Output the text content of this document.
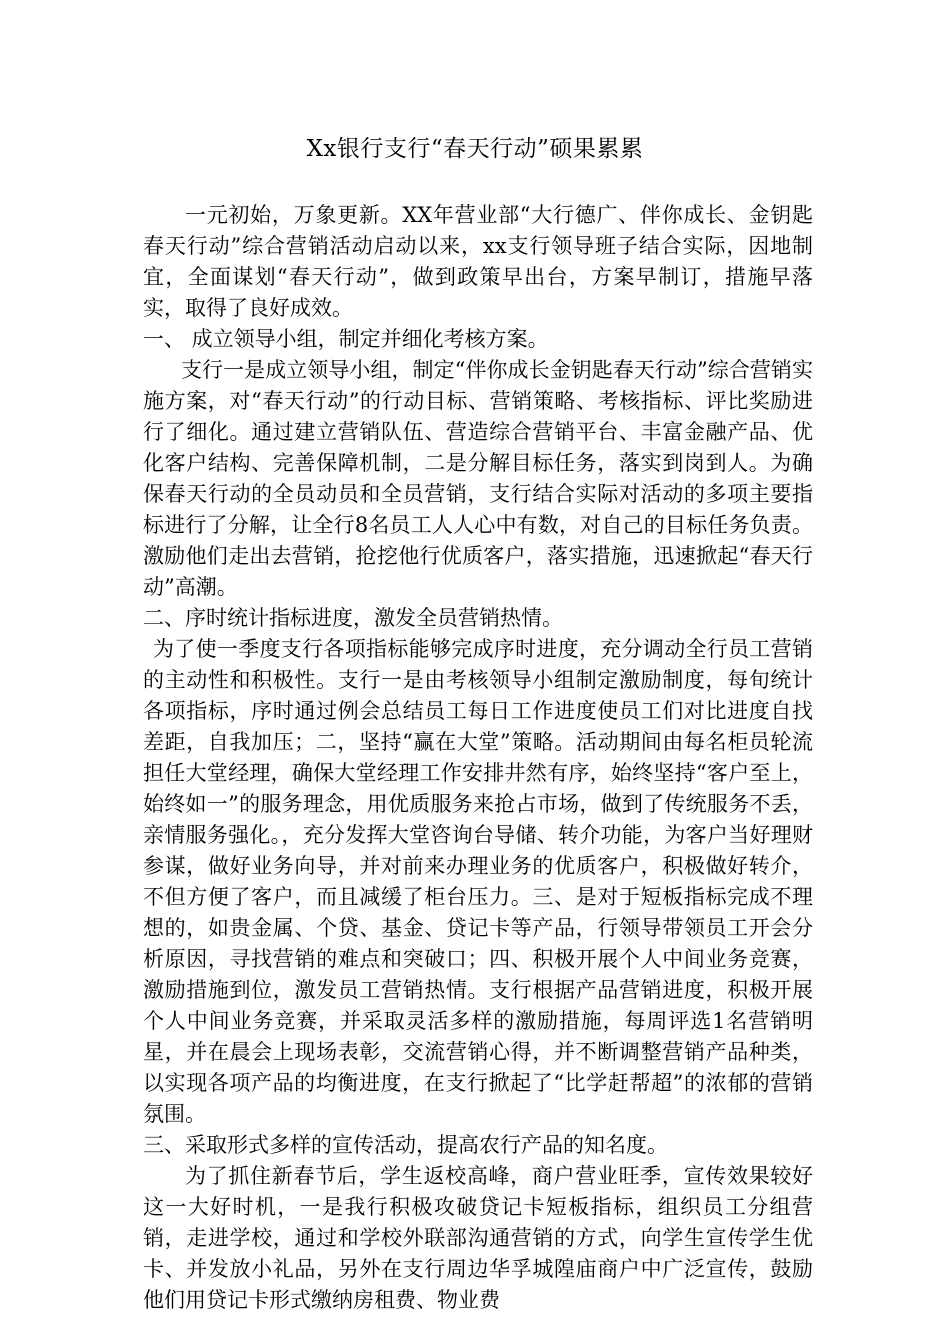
Xx银行支行“春天行动”硕果累累

一元初始，万象更新。XX年营业部“大行德广、伴你成长、金钥匙春天行动”综合营销活动启动以来，xx支行领导班子结合实际，因地制宜，全面谋划“春天行动”，做到政策早出台，方案早制订，措施早落实，取得了良好成效。

一、 成立领导小组，制定并细化考核方案。

支行一是成立领导小组，制定“伴你成长金钥匙春天行动”综合营销实施方案，对“春天行动”的行动目标、营销策略、考核指标、评比奖励进行了细化。通过建立营销队伍、营造综合营销平台、丰富金融产品、优化客户结构、完善保障机制，二是分解目标任务，落实到岗到人。为确保春天行动的全员动员和全员营销，支行结合实际对活动的多项主要指标进行了分解，让全行8名员工人人心中有数，对自己的目标任务负责。激励他们走出去营销，抢挖他行优质客户，落实措施，迅速掀起“春天行动”高潮。

二、序时统计指标进度，激发全员营销热情。

为了使一季度支行各项指标能够完成序时进度，充分调动全行员工营销的主动性和积极性。支行一是由考核领导小组制定激励制度，每旬统计各项指标，序时通过例会总结员工每日工作进度使员工们对比进度自找差距，自我加压；二，坚持“赢在大堂”策略。活动期间由每名柜员轮流担任大堂经理，确保大堂经理工作安排井然有序，始终坚持“客户至上，始终如一”的服务理念，用优质服务来抢占市场，做到了传统服务不丢，亲情服务强化。，充分发挥大堂咨询台导储、转介功能，为客户当好理财参谋，做好业务向导，并对前来办理业务的优质客户，积极做好转介，不但方便了客户，而且减缓了柜台压力。三、是对于短板指标完成不理想的，如贵金属、个贷、基金、贷记卡等产品，行领导带领员工开会分析原因，寻找营销的难点和突破口；四、积极开展个人中间业务竞赛，激励措施到位，激发员工营销热情。支行根据产品营销进度，积极开展个人中间业务竞赛，并采取灵活多样的激励措施，每周评选1名营销明星，并在晨会上现场表彰，交流营销心得，并不断调整营销产品种类，以实现各项产品的均衡进度，在支行掀起了“比学赶帮超”的浓郁的营销氛围。

三、采取形式多样的宣传活动，提高农行产品的知名度。

为了抓住新春节后，学生返校高峰，商户营业旺季，宣传效果较好这一大好时机，一是我行积极攻破贷记卡短板指标，组织员工分组营销，走进学校，通过和学校外联部沟通营销的方式，向学生宣传学生优卡、并发放小礼品，另外在支行周边华孚城隍庙商户中广泛宣传，鼓励他们用贷记卡形式缴纳房租费、物业费
